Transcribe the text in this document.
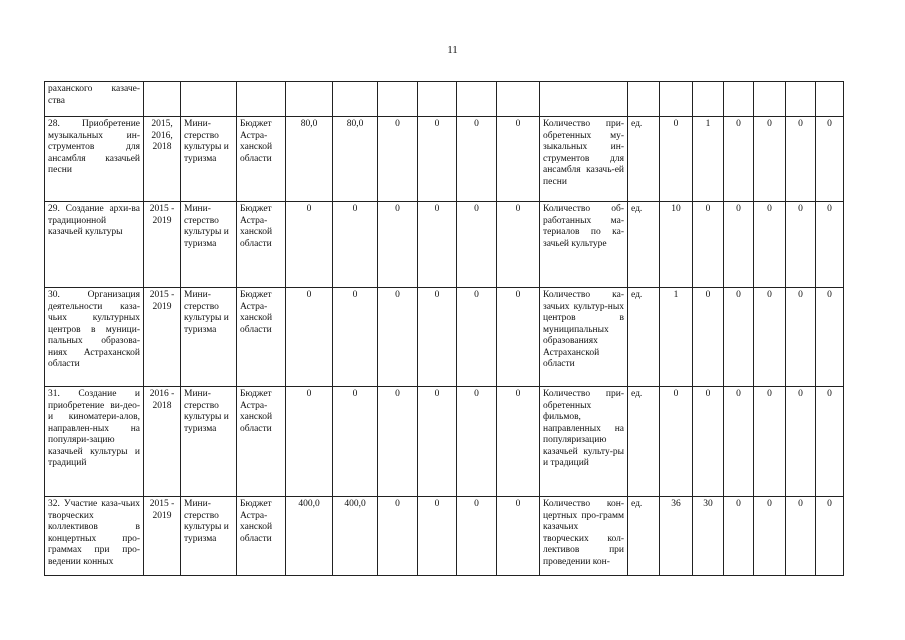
11
раханского казаче-ства																	
28. Приобретение музыкальных ин-струментов для ансамбля казачьей песни	2015, 2016, 2018	Мини-стерство культуры и туризма	Бюджет Астра-ханской области	80,0	80,0	0	0	0	0	Количество при-обретенных му-зыкальных ин-струментов для ансамбля казачь-ей песни	ед.	0	1	0	0	0	0
29. Создание архи-ва традиционной казачьей культуры	2015 - 2019	Мини-стерство культуры и туризма	Бюджет Астра-ханской области	0	0	0	0	0	0	Количество об-работанных ма-териалов по ка-зачьей культуре	ед.	10	0	0	0	0	0
30. Организация деятельности каза-чьих культурных центров в муници-пальных образова-ниях Астраханской области	2015 - 2019	Мини-стерство культуры и туризма	Бюджет Астра-ханской области	0	0	0	0	0	0	Количество ка-зачьих культур-ных центров в муниципальных образованиях Астраханской области	ед.	1	0	0	0	0	0
31. Создание и приобретение ви-део- и киноматери-алов, направлен-ных на популяри-зацию казачьей культуры и традиций	2016 - 2018	Мини-стерство культуры и туризма	Бюджет Астра-ханской области	0	0	0	0	0	0	Количество при-обретенных фильмов, направленных на популяризацию казачьей культу-ры и традиций	ед.	0	0	0	0	0	0
32. Участие каза-чьих творческих коллективов в концертных про-граммах при про-ведении конных	2015 - 2019	Мини-стерство культуры и туризма	Бюджет Астра-ханской области	400,0	400,0	0	0	0	0	Количество кон-цертных про-грамм казачьих творческих кол-лективов при проведении кон-	ед.	36	30	0	0	0	0
